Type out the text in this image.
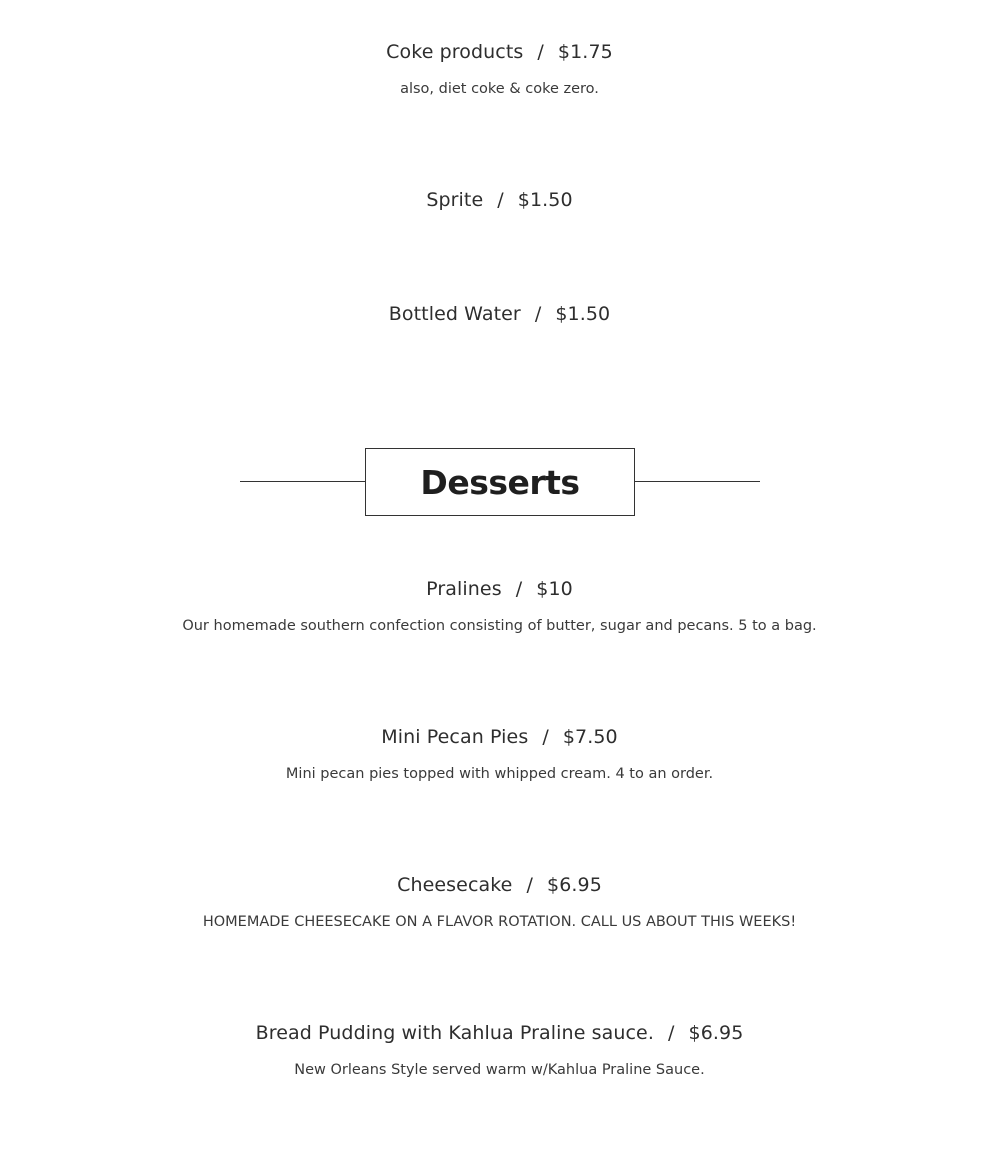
Coke products / $1.75
also, diet coke & coke zero.
Sprite / $1.50
Bottled Water / $1.50
Desserts
Pralines / $10
Our homemade southern confection consisting of butter, sugar and pecans. 5 to a bag.
Mini Pecan Pies / $7.50
Mini pecan pies topped with whipped cream. 4 to an order.
Cheesecake / $6.95
HOMEMADE CHEESECAKE ON A FLAVOR ROTATION. CALL US ABOUT THIS WEEKS!
Bread Pudding with Kahlua Praline sauce. / $6.95
New Orleans Style served warm w/Kahlua Praline Sauce.
